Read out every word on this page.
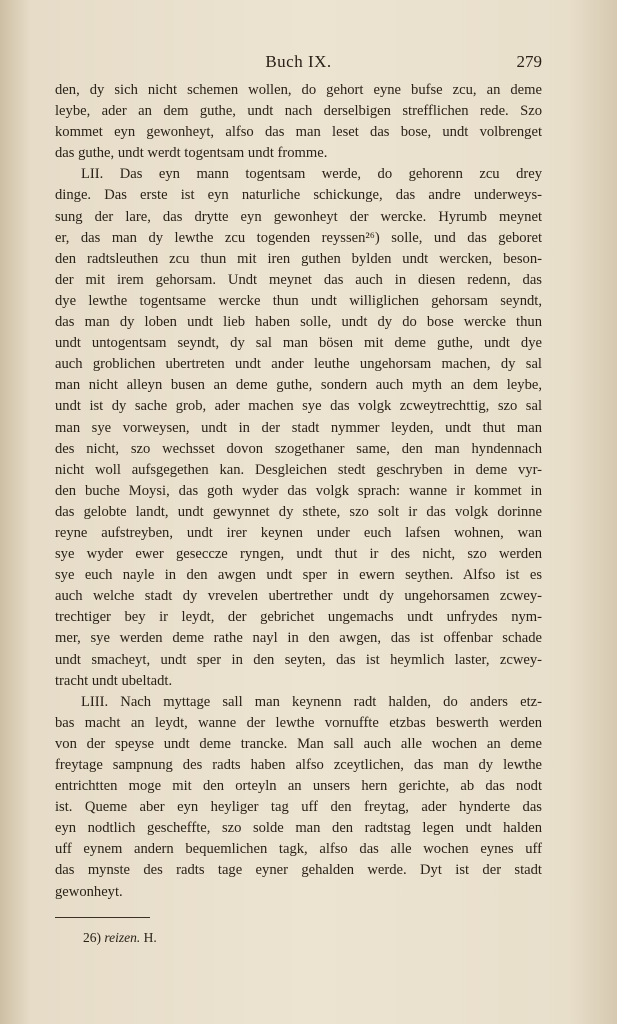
Buch IX.	279
den, dy sich nicht schemen wollen, do gehort eyne bufse zcu, an deme
leybe, ader an dem guthe, undt nach derselbigen strefflichen rede. Szo
kommet eyn gewonheyt, alfso das man leset das bose, undt volbrenget
das guthe, undt werdt togentsam undt fromme.
LII. Das eyn mann togentsam werde, do gehorenn zcu drey
dinge. Das erste ist eyn naturliche schickunge, das andre underweys-
sung der lare, das drytte eyn gewonheyt der wercke. Hyrumb meynet
er, das man dy lewthe zcu togenden reyssen²⁶) solle, und das geboret
den radtsleuthen zcu thun mit iren guthen bylden undt wercken, beson-
der mit irem gehorsam. Undt meynet das auch in diesen redenn, das
dye lewthe togentsame wercke thun undt williglichen gehorsam seyndt,
das man dy loben undt lieb haben solle, undt dy do bose wercke thun
undt untogentsam seyndt, dy sal man bösen mit deme guthe, undt dye
auch groblichen ubertreten undt ander leuthe ungehorsam machen, dy sal
man nicht alleyn busen an deme guthe, sondern auch myth an dem leybe,
undt ist dy sache grob, ader machen sye das volgk zcweytrechttig, szo sal
man sye vorweysen, undt in der stadt nymmer leyden, undt thut man
des nicht, szo wechsset dovon szogethaner same, den man hyndennach
nicht woll aufsgegethen kan. Desgleichen stedt geschryben in deme vyr-
den buche Moysi, das goth wyder das volgk sprach: wanne ir kommet in
das gelobte landt, undt gewynnet dy sthete, szo solt ir das volgk dorinne
reyne aufstreyben, undt irer keynen under euch lafsen wohnen, wan
sye wyder ewer geseccze ryngen, undt thut ir des nicht, szo werden
sye euch nayle in den awgen undt sper in ewern seythen. Alfso ist es
auch welche stadt dy vrevelen ubertrether undt dy ungehorsamen zcwey-
trechtiger bey ir leydt, der gebrichet ungemachs undt unfrydes nym-
mer, sye werden deme rathe nayl in den awgen, das ist offenbar schade
undt smacheyt, undt sper in den seyten, das ist heymlich laster, zcwey-
tracht undt ubeltadt.
LIII. Nach myttage sall man keynenn radt halden, do anders etz-
bas macht an leydt, wanne der lewthe vornufftе etzbas beswerth werden
von der speyse undt deme trancke. Man sall auch alle wochen an deme
freytage sampnung des radts haben alfso zceytlichen, das man dy lewthe
entrichtten moge mit den orteyln an unsers hern gerichte, ab das nodt
ist. Queme aber eyn heyliger tag uff den freytag, ader hynderte das
eyn nodtlich gescheffte, szo solde man den radtstag legen undt halden
uff eynem andern bequemlichen tagk, alfso das alle wochen eynes uff
das mynste des radts tage eyner gehalden werde. Dyt ist der stadt
gewonheyt.
26) reizen. H.
